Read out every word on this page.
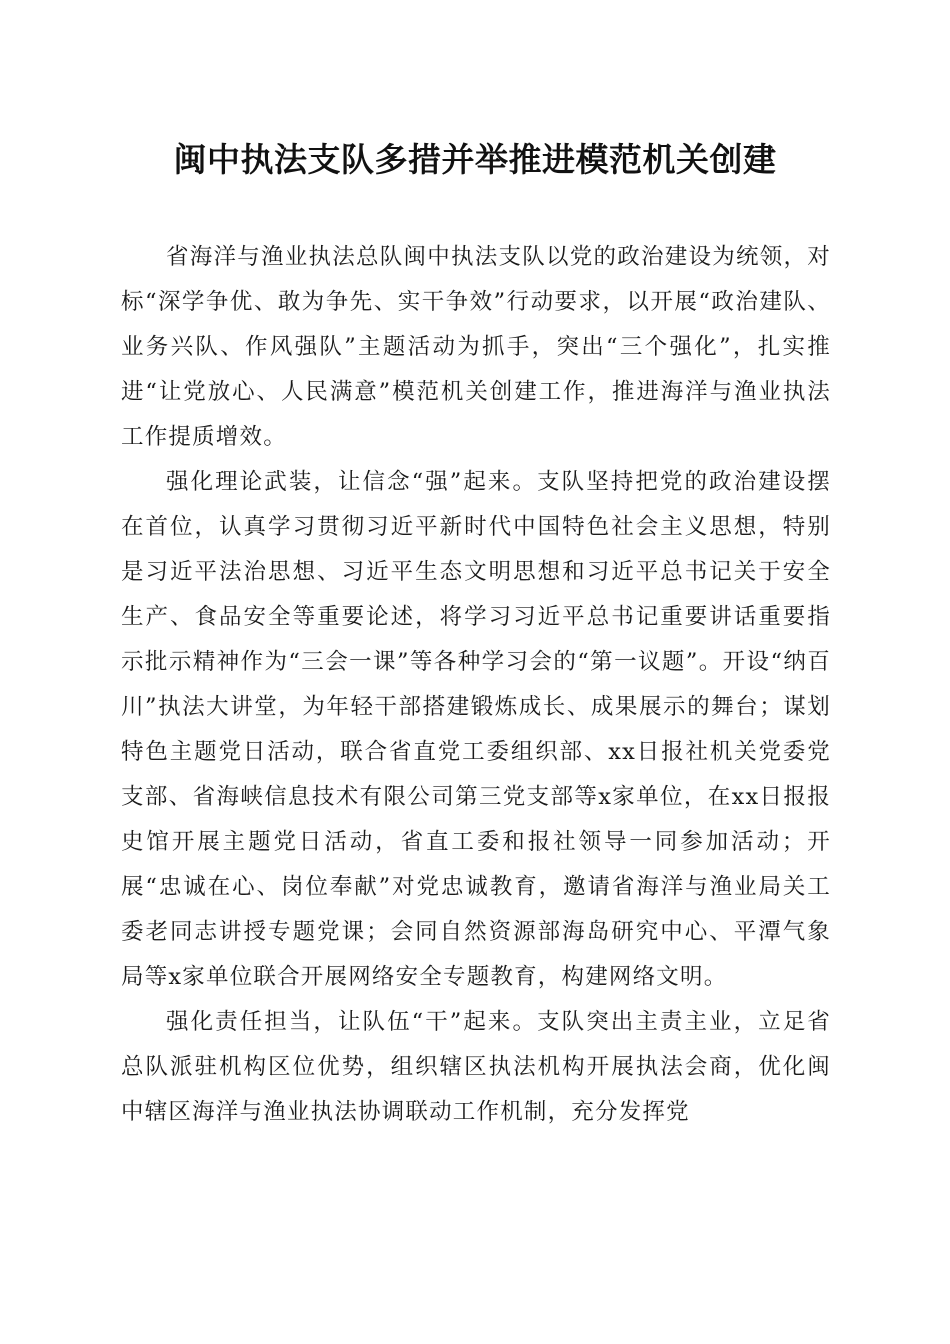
闽中执法支队多措并举推进模范机关创建

省海洋与渔业执法总队闽中执法支队以党的政治建设为统领，对标“深学争优、敢为争先、实干争效”行动要求，以开展“政治建队、业务兴队、作风强队”主题活动为抓手，突出“三个强化”，扎实推进“让党放心、人民满意”模范机关创建工作，推进海洋与渔业执法工作提质增效。

强化理论武装，让信念“强”起来。支队坚持把党的政治建设摆在首位，认真学习贯彻习近平新时代中国特色社会主义思想，特别是习近平法治思想、习近平生态文明思想和习近平总书记关于安全生产、食品安全等重要论述，将学习习近平总书记重要讲话重要指示批示精神作为“三会一课”等各种学习会的“第一议题”。开设“纳百川”执法大讲堂，为年轻干部搭建锻炼成长、成果展示的舞台；谋划特色主题党日活动，联合省直党工委组织部、xx日报社机关党委党支部、省海峡信息技术有限公司第三党支部等x家单位，在xx日报报史馆开展主题党日活动，省直工委和报社领导一同参加活动；开展“忠诚在心、岗位奉献”对党忠诚教育，邀请省海洋与渔业局关工委老同志讲授专题党课；会同自然资源部海岛研究中心、平潭气象局等x家单位联合开展网络安全专题教育，构建网络文明。

强化责任担当，让队伍“干”起来。支队突出主责主业，立足省总队派驻机构区位优势，组织辖区执法机构开展执法会商，优化闽中辖区海洋与渔业执法协调联动工作机制，充分发挥党
